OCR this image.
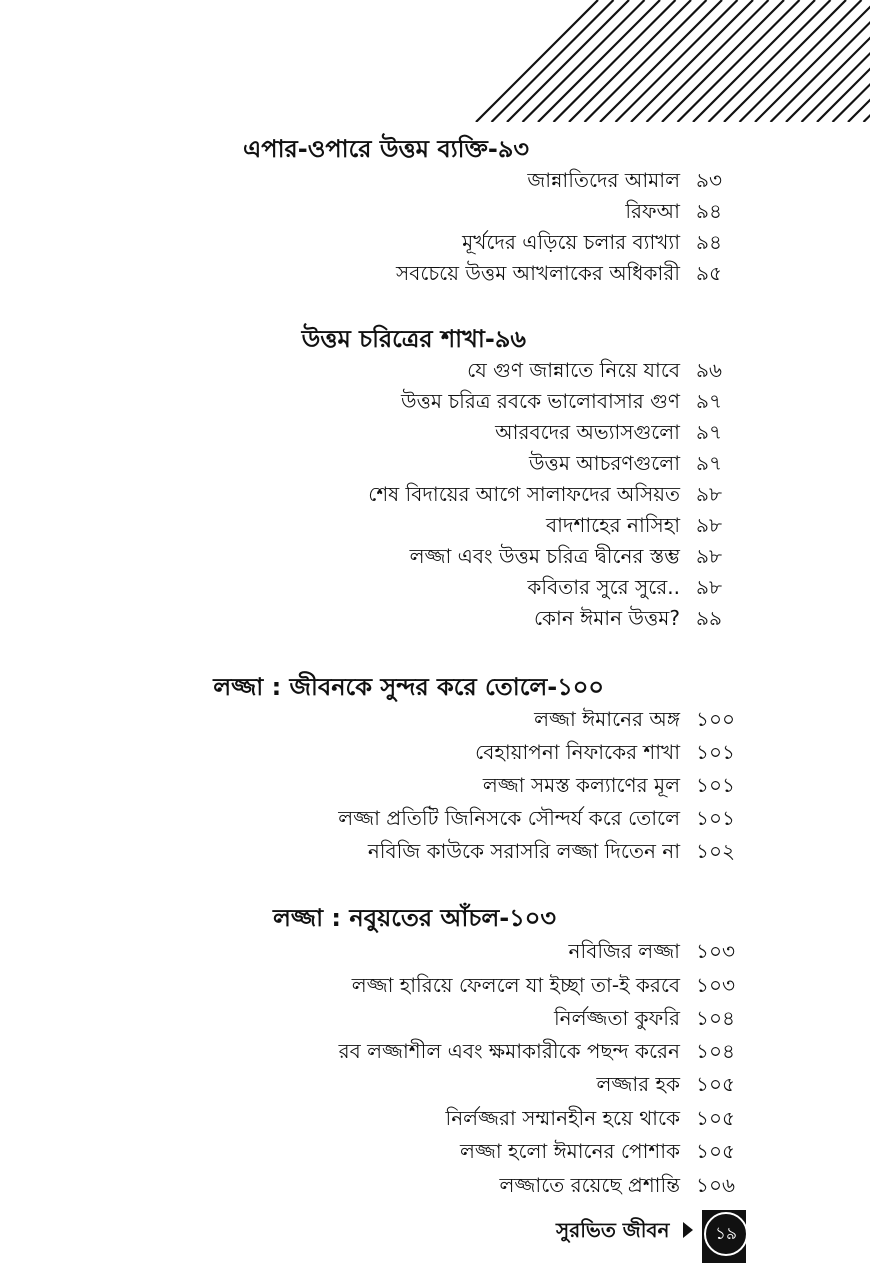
এপার-ওপারে উত্তম ব্যক্তি-৯৩
জান্নাতিদের আমাল ৯৩
রিফআ ৯৪
মূর্খদের এড়িয়ে চলার ব্যাখ্যা ৯৪
সবচেয়ে উত্তম আখলাকের অধিকারী ৯৫
উত্তম চরিত্রের শাখা-৯৬
যে গুণ জান্নাতে নিয়ে যাবে ৯৬
উত্তম চরিত্র রবকে ভালোবাসার গুণ ৯৭
আরবদের অভ্যাসগুলো ৯৭
উত্তম আচরণগুলো ৯৭
শেষ বিদায়ের আগে সালাফদের অসিয়ত ৯৮
বাদশাহের নাসিহা ৯৮
লজ্জা এবং উত্তম চরিত্র দ্বীনের স্তম্ভ ৯৮
কবিতার সুরে সুরে.. ৯৮
কোন ঈমান উত্তম? ৯৯
লজ্জা : জীবনকে সুন্দর করে তোলে-১০০
লজ্জা ঈমানের অঙ্গ ১০০
বেহায়াপনা নিফাকের শাখা ১০১
লজ্জা সমস্ত কল্যাণের মূল ১০১
লজ্জা প্রতিটি জিনিসকে সৌন্দর্য করে তোলে ১০১
নবিজি কাউকে সরাসরি লজ্জা দিতেন না ১০২
লজ্জা : নবুয়তের আঁচল-১০৩
নবিজির লজ্জা ১০৩
লজ্জা হারিয়ে ফেললে যা ইচ্ছা তা-ই করবে ১০৩
নির্লজ্জতা কুফরি ১০৪
রব লজ্জাশীল এবং ক্ষমাকারীকে পছন্দ করেন ১০৪
লজ্জার হক ১০৫
নির্লজ্জরা সম্মানহীন হয়ে থাকে ১০৫
লজ্জা হলো ঈমানের পোশাক ১০৫
লজ্জাতে রয়েছে প্রশান্তি ১০৬
সুরভিত জীবন	১৯
